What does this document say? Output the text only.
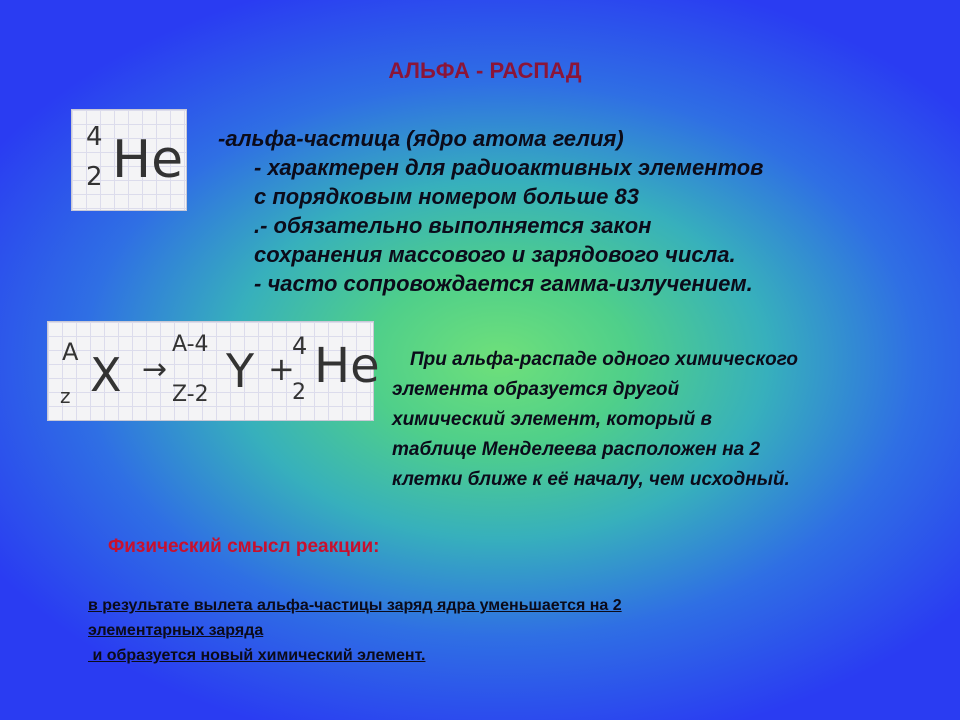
АЛЬФА - РАСПАД
4
2 He -альфа-частица (ядро атома гелия)
- характерен для радиоактивных элементов
с порядковым номером больше 83
.- обязательно выполняется закон
сохранения массового и зарядового числа.
- часто сопровождается гамма-излучением.
A
z X →
A-4
Z-2 Y +
4
2 He	При альфа-распаде одного химического
элемента образуется другой
химический элемент, который в
таблице Менделеева расположен на 2
клетки ближе к её началу, чем исходный.
Физический смысл реакции:
в результате вылета альфа-частицы заряд ядра уменьшается на 2
элементарных заряда
и образуется новый химический элемент.
